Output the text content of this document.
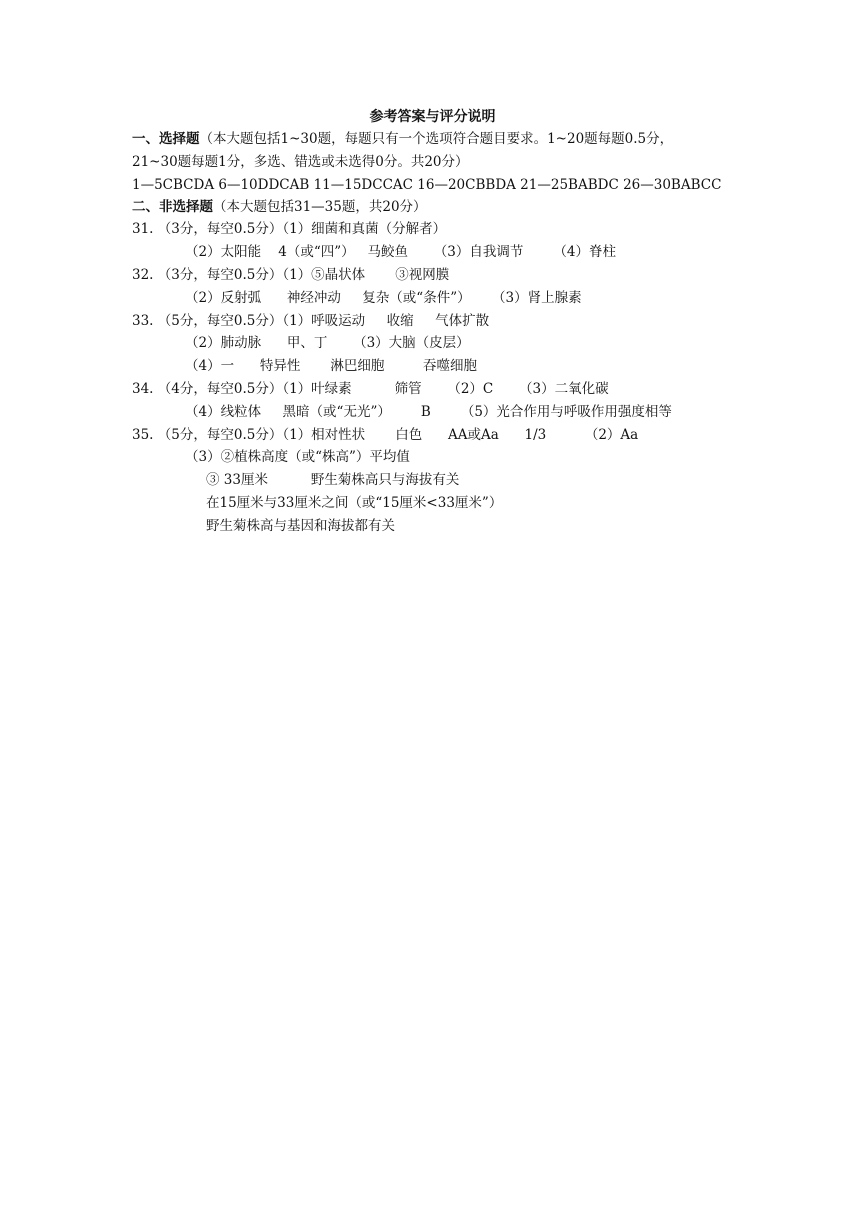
参考答案与评分说明
一、选择题（本大题包括1~30题，每题只有一个选项符合题目要求。1~20题每题0.5分，
21~30题每题1分，多选、错选或未选得0分。共20分）
1—5CBCDA 6—10DDCAB 11—15DCCAC 16—20CBBDA 21—25BABDC 26—30BABCC
二、非选择题（本大题包括31—35题，共20分）
31. （3分，每空0.5分）（1）细菌和真菌（分解者）
（2）太阳能    4（或“四”）   马鲛鱼      （3）自我调节       （4）脊柱
32. （3分，每空0.5分）（1）⑤晶状体       ③视网膜
（2）反射弧      神经冲动     复杂（或“条件”）     （3）肾上腺素
33. （5分，每空0.5分）（1）呼吸运动     收缩     气体扩散
（2）肺动脉      甲、丁      （3）大脑（皮层）
（4）一      特异性       淋巴细胞         吞噬细胞
34. （4分，每空0.5分）（1）叶绿素          筛管      （2）C      （3）二氧化碳
（4）线粒体     黑暗（或“无光”）       B       （5）光合作用与呼吸作用强度相等
35. （5分，每空0.5分）（1）相对性状       白色      AA或Aa      1/3         （2）Aa
（3）②植株高度（或“株高”）平均值
③ 33厘米          野生菊株高只与海拔有关
在15厘米与33厘米之间（或“15厘米<33厘米”）
野生菊株高与基因和海拔都有关
